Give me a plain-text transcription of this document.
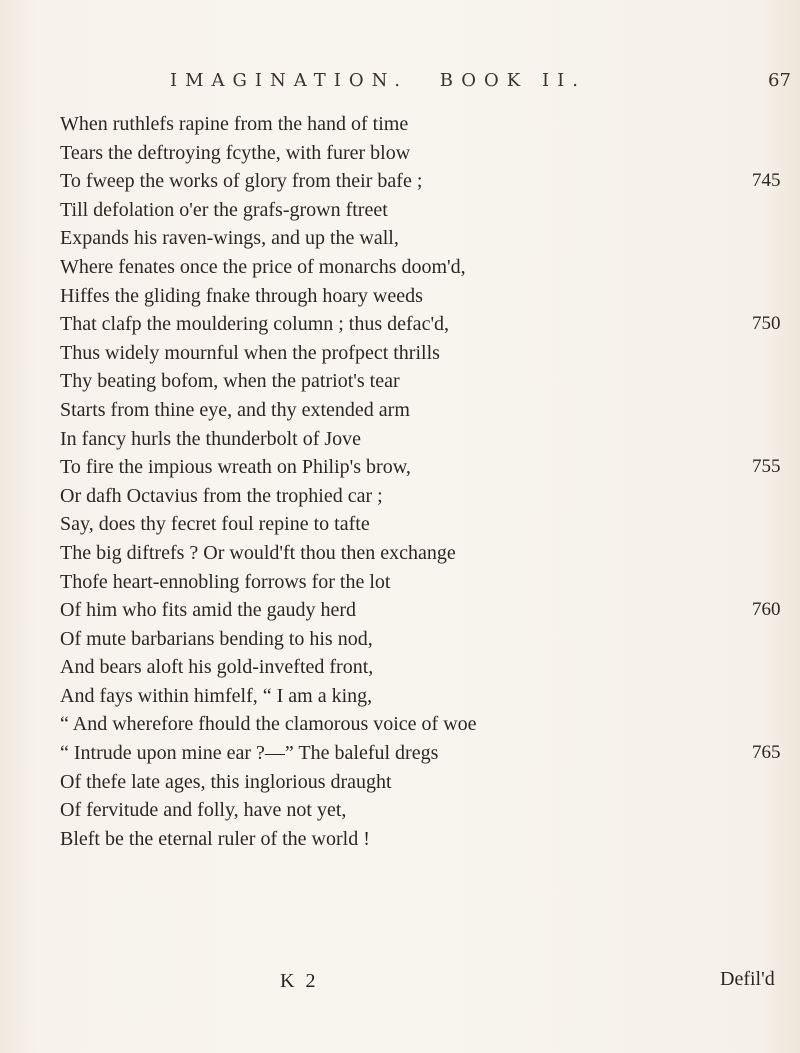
IMAGINATION. BOOK II.	67
When ruthlefs rapine from the hand of time
Tears the deftroying fcythe, with furer blow
To fweep the works of glory from their bafe ;
Till defolation o'er the grafs-grown ftreet
Expands his raven-wings, and up the wall,
Where fenates once the price of monarchs doom'd,
Hiffes the gliding fnake through hoary weeds
That clafp the mouldering column ; thus defac'd,
Thus widely mournful when the profpect thrills
Thy beating bofom, when the patriot's tear
Starts from thine eye, and thy extended arm
In fancy hurls the thunderbolt of Jove
To fire the impious wreath on Philip's brow,
Or dafh Octavius from the trophied car ;
Say, does thy fecret foul repine to tafte
The big diftrefs ? Or would'ft thou then exchange
Thofe heart-ennobling forrows for the lot
Of him who fits amid the gaudy herd
Of mute barbarians bending to his nod,
And bears aloft his gold-invefted front,
And fays within himfelf, “ I am a king,
“ And wherefore fhould the clamorous voice of woe
“ Intrude upon mine ear ?—” The baleful dregs
Of thefe late ages, this inglorious draught
Of fervitude and folly, have not yet,
Bleft be the eternal ruler of the world !
745
750
755
760
765
K 2	Defil'd
